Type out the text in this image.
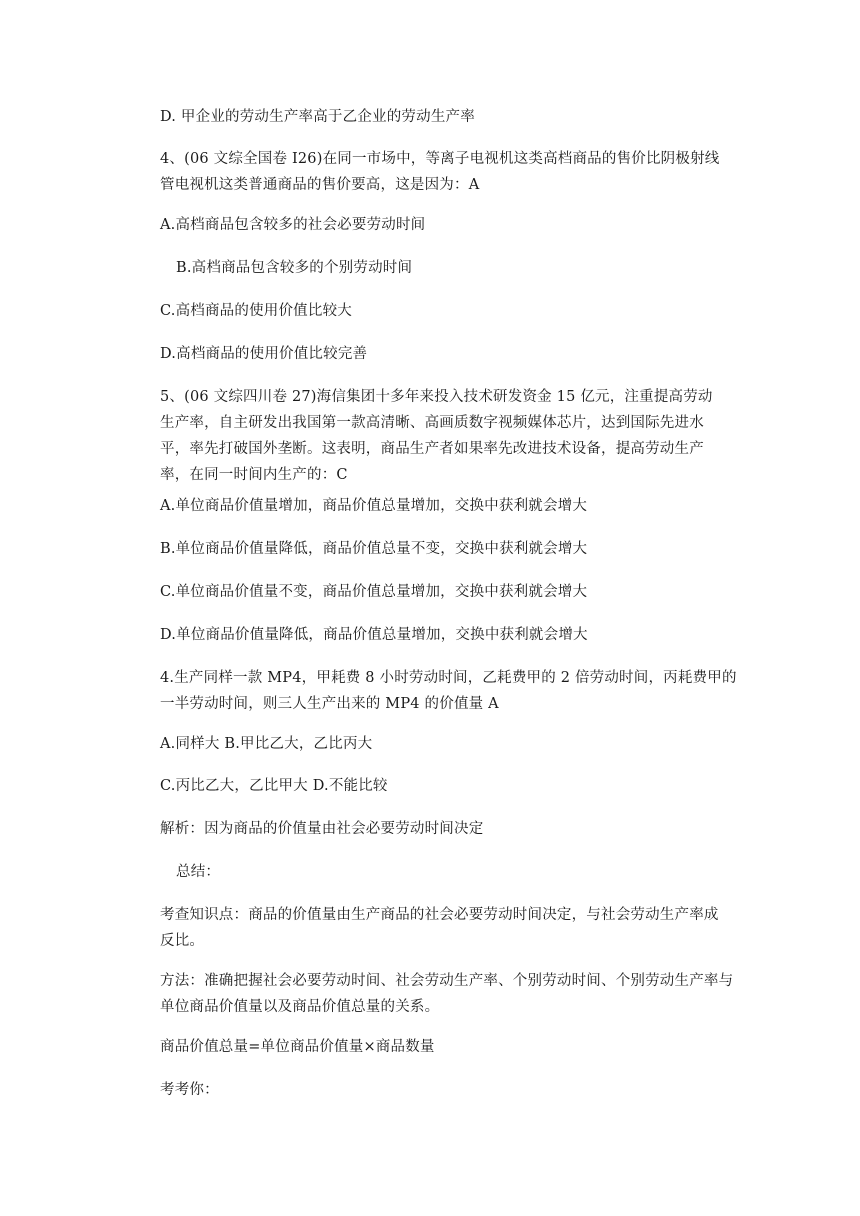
D. 甲企业的劳动生产率高于乙企业的劳动生产率

4、(06 文综全国卷 I26)在同一市场中，等离子电视机这类高档商品的售价比阴极射线管电视机这类普通商品的售价要高，这是因为：A

A.高档商品包含较多的社会必要劳动时间

B.高档商品包含较多的个别劳动时间

C.高档商品的使用价值比较大

D.高档商品的使用价值比较完善

5、(06 文综四川卷 27)海信集团十多年来投入技术研发资金 15 亿元，注重提高劳动生产率，自主研发出我国第一款高清晰、高画质数字视频媒体芯片，达到国际先进水平，率先打破国外垄断。这表明，商品生产者如果率先改进技术设备，提高劳动生产率，在同一时间内生产的：C

A.单位商品价值量增加，商品价值总量增加，交换中获利就会增大

B.单位商品价值量降低，商品价值总量不变，交换中获利就会增大

C.单位商品价值量不变，商品价值总量增加，交换中获利就会增大

D.单位商品价值量降低，商品价值总量增加，交换中获利就会增大

4.生产同样一款 MP4，甲耗费 8 小时劳动时间，乙耗费甲的 2 倍劳动时间，丙耗费甲的一半劳动时间，则三人生产出来的 MP4 的价值量 A

A.同样大 B.甲比乙大，乙比丙大

C.丙比乙大，乙比甲大 D.不能比较

解析：因为商品的价值量由社会必要劳动时间决定

总结：

考查知识点：商品的价值量由生产商品的社会必要劳动时间决定，与社会劳动生产率成反比。

方法：准确把握社会必要劳动时间、社会劳动生产率、个别劳动时间、个别劳动生产率与单位商品价值量以及商品价值总量的关系。

商品价值总量=单位商品价值量×商品数量

考考你：
